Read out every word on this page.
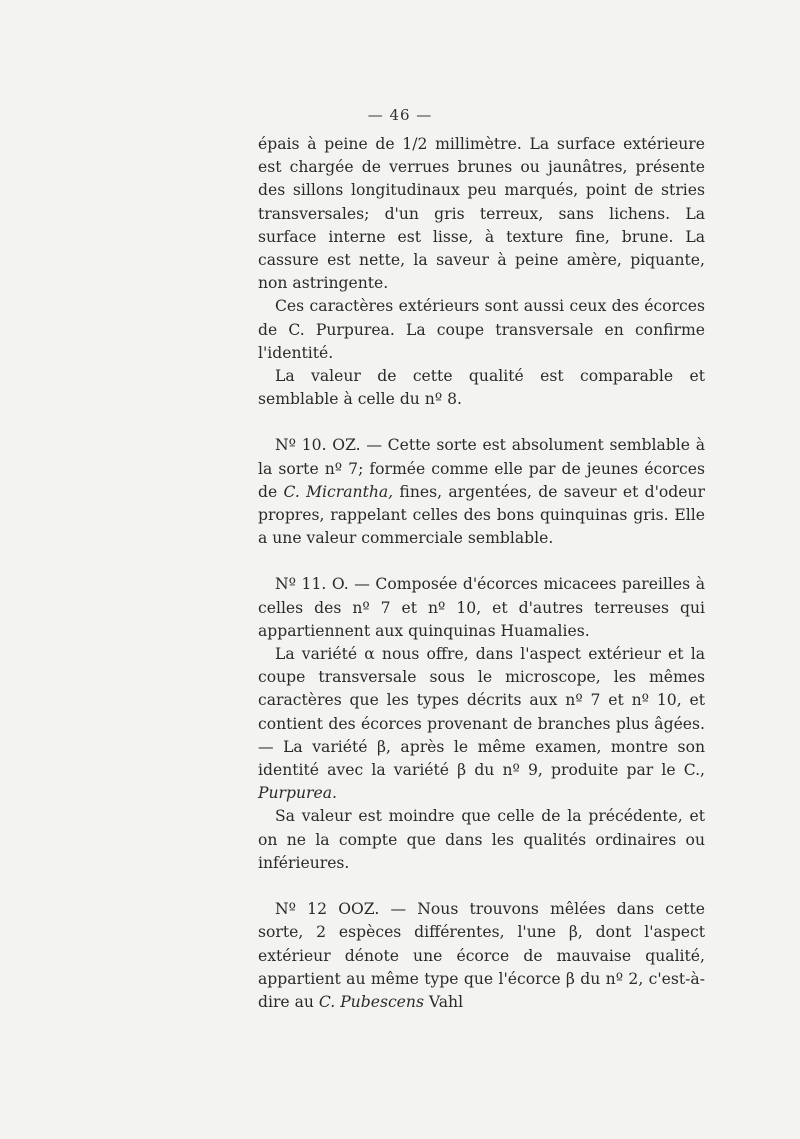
— 46 —

épais à peine de 1/2 millimètre. La surface extérieure est chargée de verrues brunes ou jaunâtres, présente des sillons longitudinaux peu marqués, point de stries transversales; d'un gris terreux, sans lichens. La surface interne est lisse, à texture fine, brune. La cassure est nette, la saveur à peine amère, piquante, non astringente.

Ces caractères extérieurs sont aussi ceux des écorces de C. Purpurea. La coupe transversale en confirme l'identité.

La valeur de cette qualité est comparable et semblable à celle du nº 8.

Nº 10. OZ. — Cette sorte est absolument semblable à la sorte nº 7; formée comme elle par de jeunes écorces de C. Micrantha, fines, argentées, de saveur et d'odeur propres, rappelant celles des bons quinquinas gris. Elle a une valeur commerciale semblable.

Nº 11. O. — Composée d'écorces micacees pareilles à celles des nº 7 et nº 10, et d'autres terreuses qui appartiennent aux quinquinas Huamalies.

La variété α nous offre, dans l'aspect extérieur et la coupe transversale sous le microscope, les mêmes caractères que les types décrits aux nº 7 et nº 10, et contient des écorces provenant de branches plus âgées. — La variété β, après le même examen, montre son identité avec la variété β du nº 9, produite par le C., Purpurea.

Sa valeur est moindre que celle de la précédente, et on ne la compte que dans les qualités ordinaires ou inférieures.

Nº 12 OOZ. — Nous trouvons mêlées dans cette sorte, 2 espèces différentes, l'une β, dont l'aspect extérieur dénote une écorce de mauvaise qualité, appartient au même type que l'écorce β du nº 2, c'est-à-dire au C. Pubescens Vahl
